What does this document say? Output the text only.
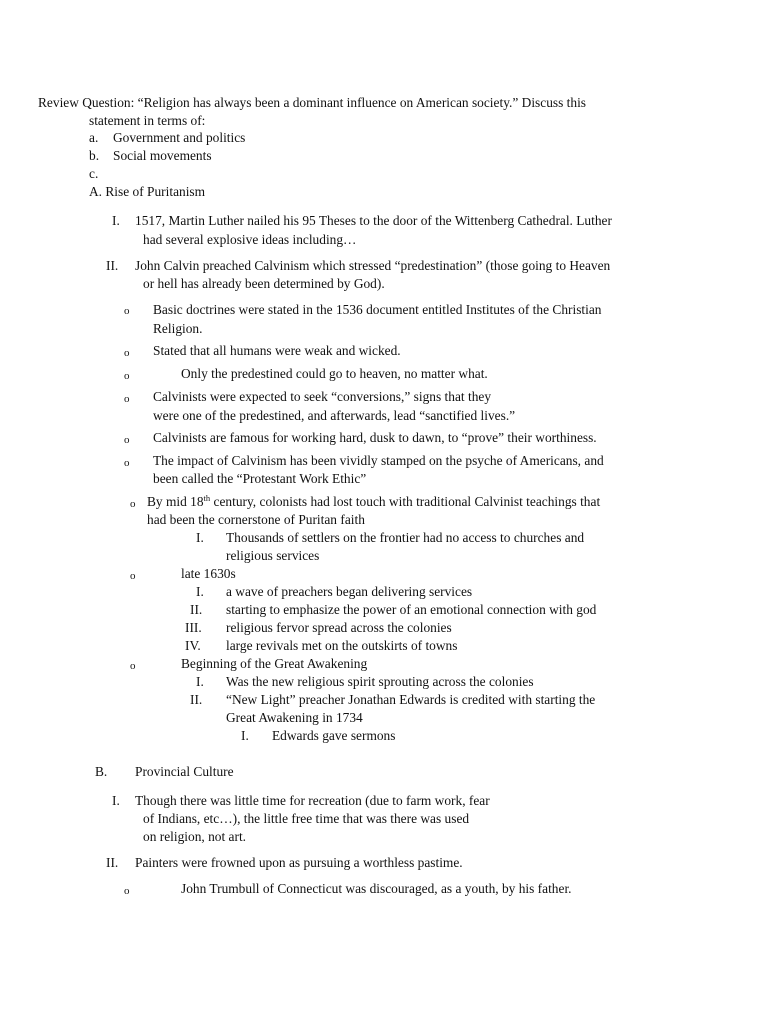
Review Question: “Religion has always been a dominant influence on American society.” Discuss this
statement in terms of:
a. Government and politics
b. Social movements
c.
A. Rise of Puritanism
I. 1517, Martin Luther nailed his 95 Theses to the door of the Wittenberg Cathedral. Luther
had several explosive ideas including…
II. John Calvin preached Calvinism which stressed “predestination” (those going to Heaven
or hell has already been determined by God).
o Basic doctrines were stated in the 1536 document entitled Institutes of the Christian
Religion.
o Stated that all humans were weak and wicked.
o	Only the predestined could go to heaven, no matter what.
o Calvinists were expected to seek “conversions,” signs that they
were one of the predestined, and afterwards, lead “sanctified lives.”
o Calvinists are famous for working hard, dusk to dawn, to “prove” their worthiness.
o The impact of Calvinism has been vividly stamped on the psyche of Americans, and
been called the “Protestant Work Ethic”
o By mid 18th century, colonists had lost touch with traditional Calvinist teachings that
had been the cornerstone of Puritan faith
I. Thousands of settlers on the frontier had no access to churches and
religious services
o	late 1630s
I. a wave of preachers began delivering services
II. starting to emphasize the power of an emotional connection with god
III. religious fervor spread across the colonies
IV. large revivals met on the outskirts of towns
o	Beginning of the Great Awakening
I. Was the new religious spirit sprouting across the colonies
II. “New Light” preacher Jonathan Edwards is credited with starting the
Great Awakening in 1734
I. Edwards gave sermons
B. Provincial Culture
I. Though there was little time for recreation (due to farm work, fear
of Indians, etc…), the little free time that was there was used
on religion, not art.
II. Painters were frowned upon as pursuing a worthless pastime.
o	John Trumbull of Connecticut was discouraged, as a youth, by his father.
